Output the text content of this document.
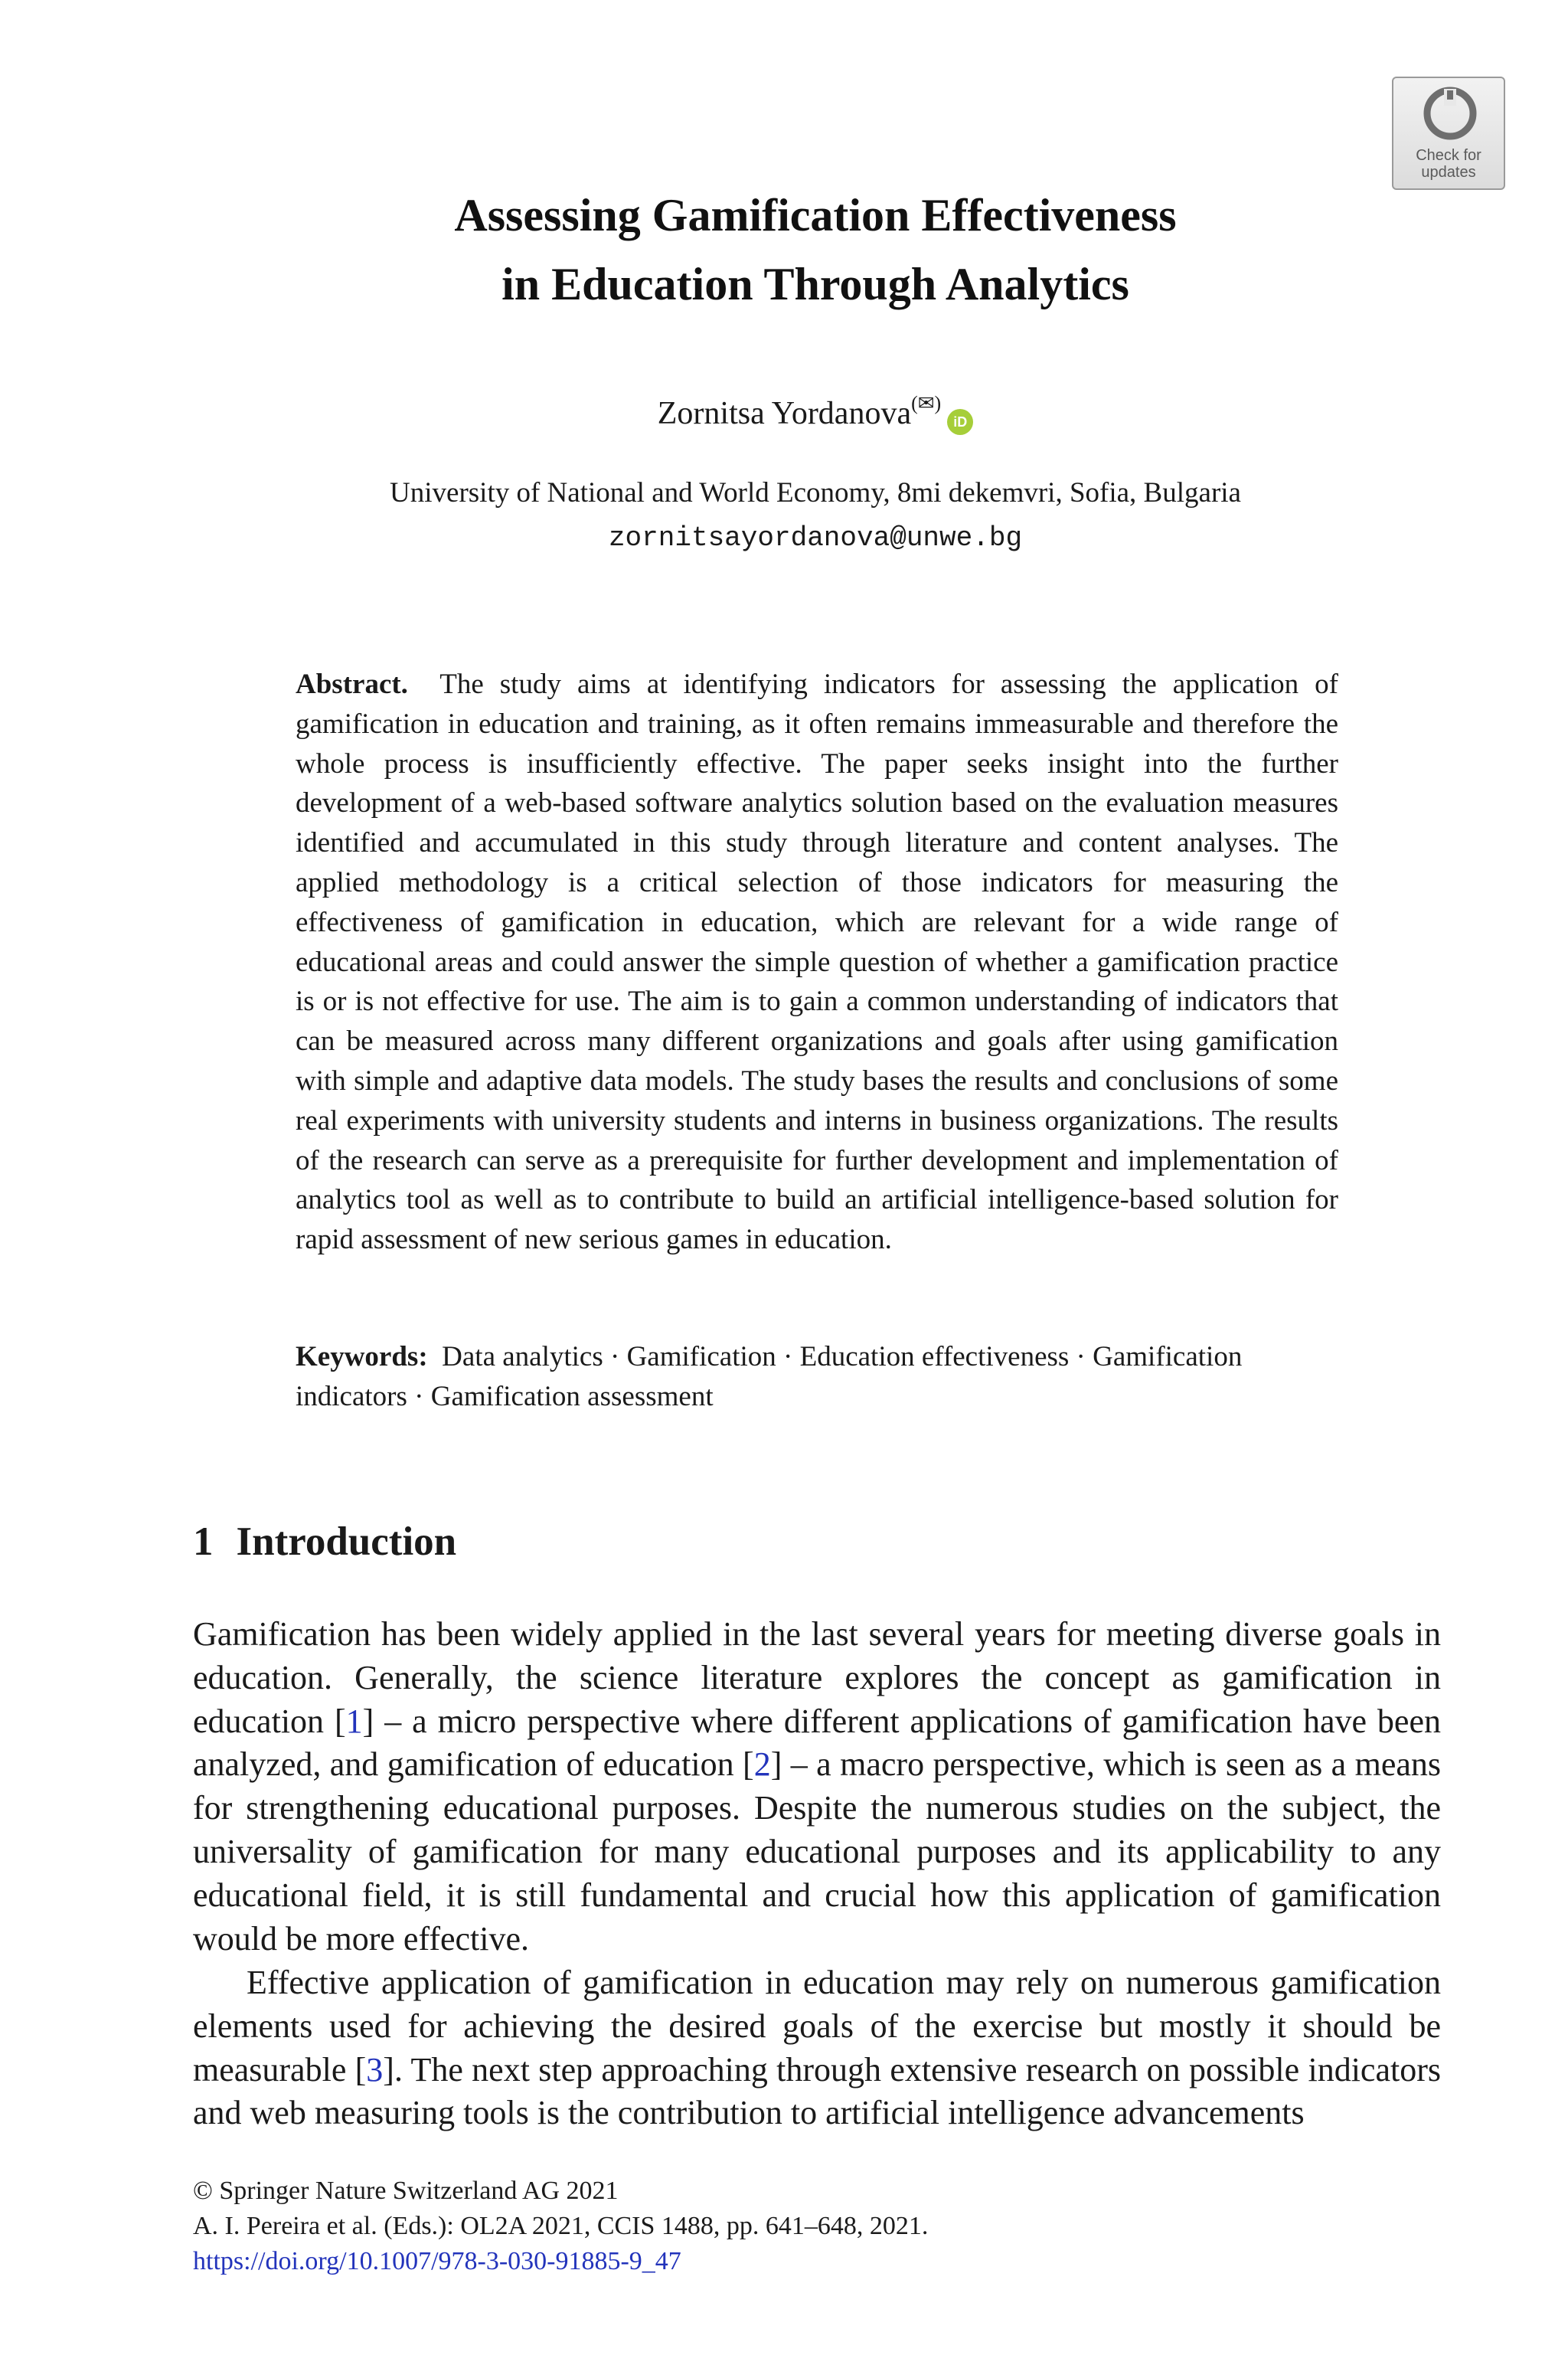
Check for
updates
Assessing Gamification Effectiveness
in Education Through Analytics
Zornitsa Yordanova(✉)iD
University of National and World Economy, 8mi dekemvri, Sofia, Bulgaria
zornitsayordanova@unwe.bg
Abstract. The study aims at identifying indicators for assessing the application of gamification in education and training, as it often remains immeasurable and therefore the whole process is insufficiently effective. The paper seeks insight into the further development of a web-based software analytics solution based on the evaluation measures identified and accumulated in this study through literature and content analyses. The applied methodology is a critical selection of those indicators for measuring the effectiveness of gamification in education, which are relevant for a wide range of educational areas and could answer the simple question of whether a gamification practice is or is not effective for use. The aim is to gain a common understanding of indicators that can be measured across many different organizations and goals after using gamification with simple and adaptive data models. The study bases the results and conclusions of some real experiments with university students and interns in business organizations. The results of the research can serve as a prerequisite for further development and implementation of analytics tool as well as to contribute to build an artificial intelligence-based solution for rapid assessment of new serious games in education.
Keywords: Data analytics · Gamification · Education effectiveness · Gamification indicators · Gamification assessment
1 Introduction
Gamification has been widely applied in the last several years for meeting diverse goals in education. Generally, the science literature explores the concept as gamification in education [1] – a micro perspective where different applications of gamification have been analyzed, and gamification of education [2] – a macro perspective, which is seen as a means for strengthening educational purposes. Despite the numerous studies on the subject, the universality of gamification for many educational purposes and its applicability to any educational field, it is still fundamental and crucial how this application of gamification would be more effective.
Effective application of gamification in education may rely on numerous gamification elements used for achieving the desired goals of the exercise but mostly it should be measurable [3]. The next step approaching through extensive research on possible indicators and web measuring tools is the contribution to artificial intelligence advancements
© Springer Nature Switzerland AG 2021
A. I. Pereira et al. (Eds.): OL2A 2021, CCIS 1488, pp. 641–648, 2021.
https://doi.org/10.1007/978-3-030-91885-9_47
